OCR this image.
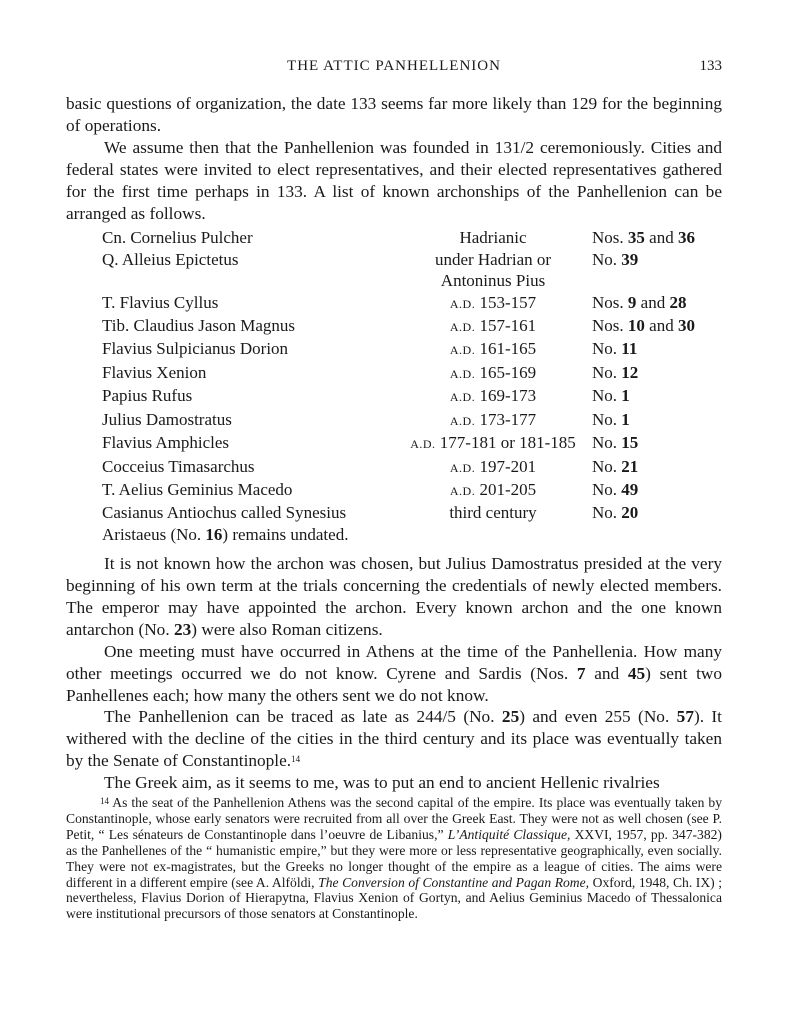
THE ATTIC PANHELLENION	133

basic questions of organization, the date 133 seems far more likely than 129 for the beginning of operations.

We assume then that the Panhellenion was founded in 131/2 ceremoniously. Cities and federal states were invited to elect representatives, and their elected representatives gathered for the first time perhaps in 133. A list of known archonships of the Panhellenion can be arranged as follows.

Cn. Cornelius Pulcher	Hadrianic	Nos. 35 and 36
Q. Alleius Epictetus	under Hadrian or	No. 39
Antoninus Pius
T. Flavius Cyllus	A.D. 153-157	Nos. 9 and 28
Tib. Claudius Jason Magnus	A.D. 157-161	Nos. 10 and 30
Flavius Sulpicianus Dorion	A.D. 161-165	No. 11
Flavius Xenion	A.D. 165-169	No. 12
Papius Rufus	A.D. 169-173	No. 1
Julius Damostratus	A.D. 173-177	No. 1
Flavius Amphicles	A.D. 177-181 or 181-185 No. 15
Cocceius Timasarchus	A.D. 197-201	No. 21
T. Aelius Geminius Macedo	A.D. 201-205	No. 49
Casianus Antiochus called Synesius	third century	No. 20
Aristaeus (No. 16) remains undated.

It is not known how the archon was chosen, but Julius Damostratus presided at the very beginning of his own term at the trials concerning the credentials of newly elected members. The emperor may have appointed the archon. Every known archon and the one known antarchon (No. 23) were also Roman citizens.

One meeting must have occurred in Athens at the time of the Panhellenia. How many other meetings occurred we do not know. Cyrene and Sardis (Nos. 7 and 45) sent two Panhellenes each; how many the others sent we do not know.

The Panhellenion can be traced as late as 244/5 (No. 25) and even 255 (No. 57). It withered with the decline of the cities in the third century and its place was eventually taken by the Senate of Constantinople.$^{14}$

The Greek aim, as it seems to me, was to put an end to ancient Hellenic rivalries

$^{14}$ As the seat of the Panhellenion Athens was the second capital of the empire. Its place was eventually taken by Constantinople, whose early senators were recruited from all over the Greek East. They were not as well chosen (see P. Petit, “ Les sénateurs de Constantinople dans l’oeuvre de Libanius,” L’Antiquité Classique, XXVI, 1957, pp. 347-382) as the Panhellenes of the “ humanistic empire,” but they were more or less representative geographically, even socially. They were not ex-magistrates, but the Greeks no longer thought of the empire as a league of cities. The aims were different in a different empire (see A. Alföldi, The Conversion of Constantine and Pagan Rome, Oxford, 1948, Ch. IX) ; nevertheless, Flavius Dorion of Hierapytna, Flavius Xenion of Gortyn, and Aelius Geminius Macedo of Thessalonica were institutional precursors of those senators at Constantinople.
